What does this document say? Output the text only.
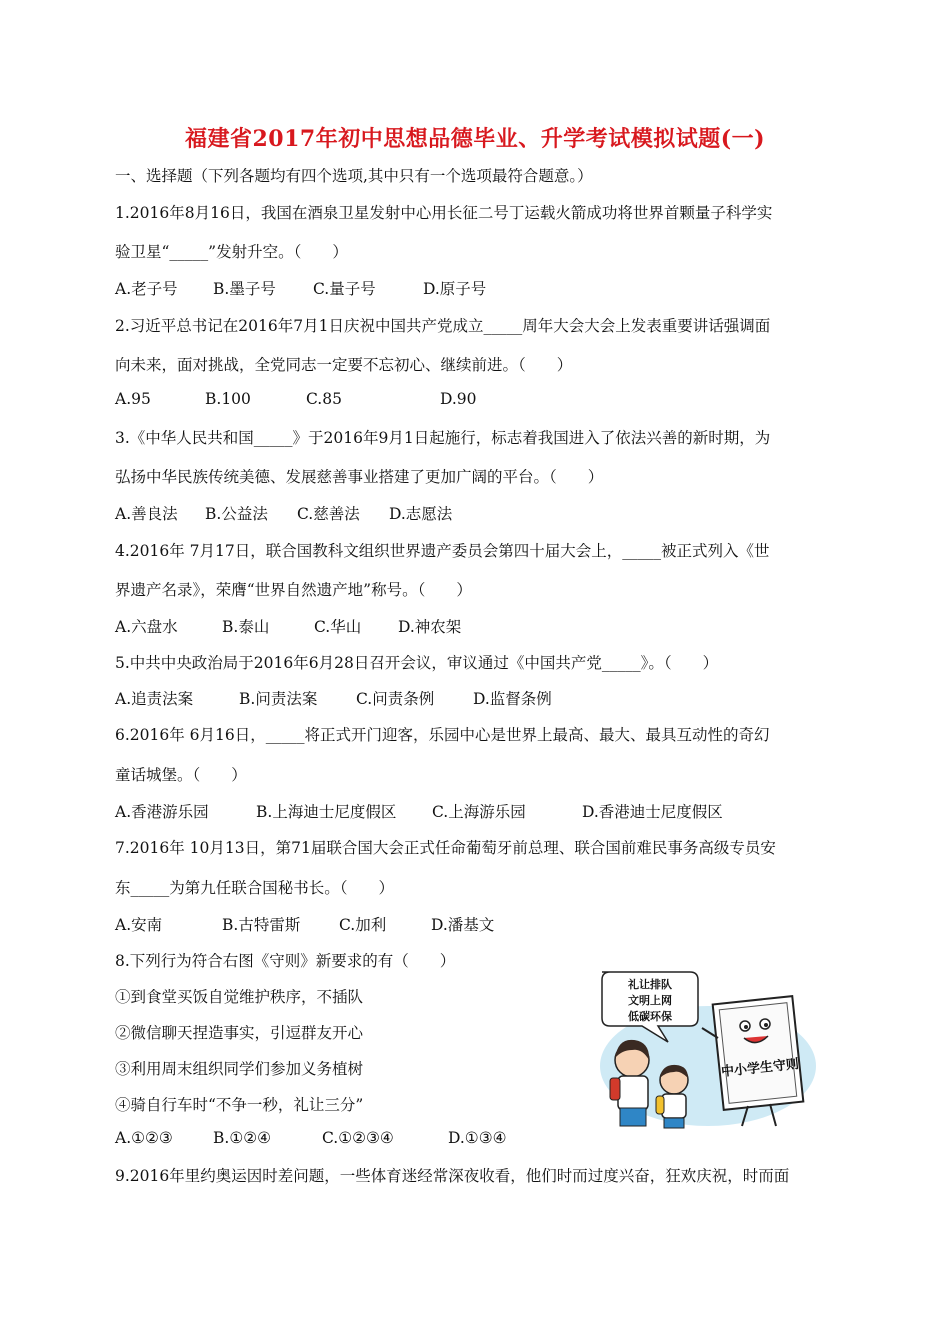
福建省2017年初中思想品德毕业、升学考试模拟试题(一)
一、选择题（下列各题均有四个选项,其中只有一个选项最符合题意。）
1.2016年8月16日，我国在酒泉卫星发射中心用长征二号丁运载火箭成功将世界首颗量子科学实
验卫星“_____”发射升空。（　　）
A.老子号 B.墨子号 C.量子号	D.原子号
2.习近平总书记在2016年7月1日庆祝中国共产党成立_____周年大会大会上发表重要讲话强调面
向未来，面对挑战，全党同志一定要不忘初心、继续前进。（　　）
A.95	B.100	C.85	D.90
3.《中华人民共和国_____》于2016年9月1日起施行，标志着我国进入了依法兴善的新时期，为
弘扬中华民族传统美德、发展慈善事业搭建了更加广阔的平台。（　　）
A.善良法 B.公益法 C.慈善法 D.志愿法
4.2016年 7月17日，联合国教科文组织世界遗产委员会第四十届大会上，_____被正式列入《世
界遗产名录》，荣膺“世界自然遗产地”称号。（　　）
A.六盘水	B.泰山	C.华山 D.神农架
5.中共中央政治局于2016年6月28日召开会议，审议通过《中国共产党_____》。（　　）
A.追责法案	B.问责法案 C.问责条例	D.监督条例
6.2016年 6月16日，_____将正式开门迎客，乐园中心是世界上最高、最大、最具互动性的奇幻
童话城堡。（　　）
A.香港游乐园	B.上海迪士尼度假区 C.上海游乐园	D.香港迪士尼度假区
7.2016年 10月13日，第71届联合国大会正式任命葡萄牙前总理、联合国前难民事务高级专员安
东_____为第九任联合国秘书长。（　　）
A.安南	B.古特雷斯 C.加利	D.潘基文
8.下列行为符合右图《守则》新要求的有（　　）
①到食堂买饭自觉维护秩序，不插队
②微信聊天捏造事实，引逗群友开心
③利用周末组织同学们参加义务植树
④骑自行车时“不争一秒，礼让三分”
A.①②③	B.①②④	C.①②③④	D.①③④
礼让排队
文明上网
低碳环保
中小学生守则
9.2016年里约奥运因时差问题，一些体育迷经常深夜收看，他们时而过度兴奋，狂欢庆祝，时而面
